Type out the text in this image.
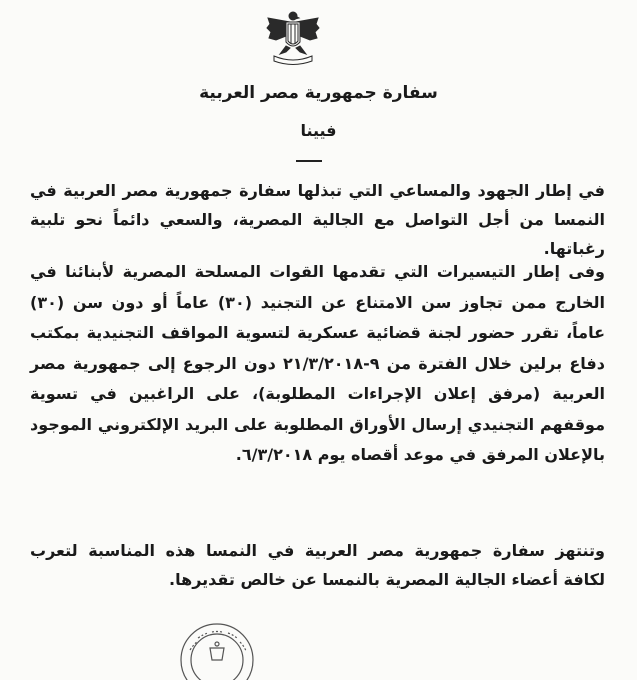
سفارة جمهورية مصر العربية
فيينا
في إطار الجهود والمساعي التي تبذلها سفارة جمهورية مصر العربية في النمسا من أجل التواصل مع الجالية المصرية، والسعي دائماً نحو تلبية رغباتها.
وفى إطار التيسيرات التي تقدمها القوات المسلحة المصرية لأبنائنا في الخارج ممن تجاوز سن الامتناع عن التجنيد (٣٠) عاماً أو دون سن (٣٠) عاماً، تقرر حضور لجنة قضائية عسكرية لتسوية المواقف التجنيدية بمكتب دفاع برلين خلال الفترة من ٩-٢١/٣/٢٠١٨ دون الرجوع إلى جمهورية مصر العربية (مرفق إعلان الإجراءات المطلوبة)، على الراغبين في تسوية موقفهم التجنيدي إرسال الأوراق المطلوبة على البريد الإلكتروني الموجود بالإعلان المرفق في موعد أقصاه يوم ٦/٣/٢٠١٨.
وتنتهز سفارة جمهورية مصر العربية في النمسا هذه المناسبة لتعرب لكافة أعضاء الجالية المصرية بالنمسا عن خالص تقديرها.
